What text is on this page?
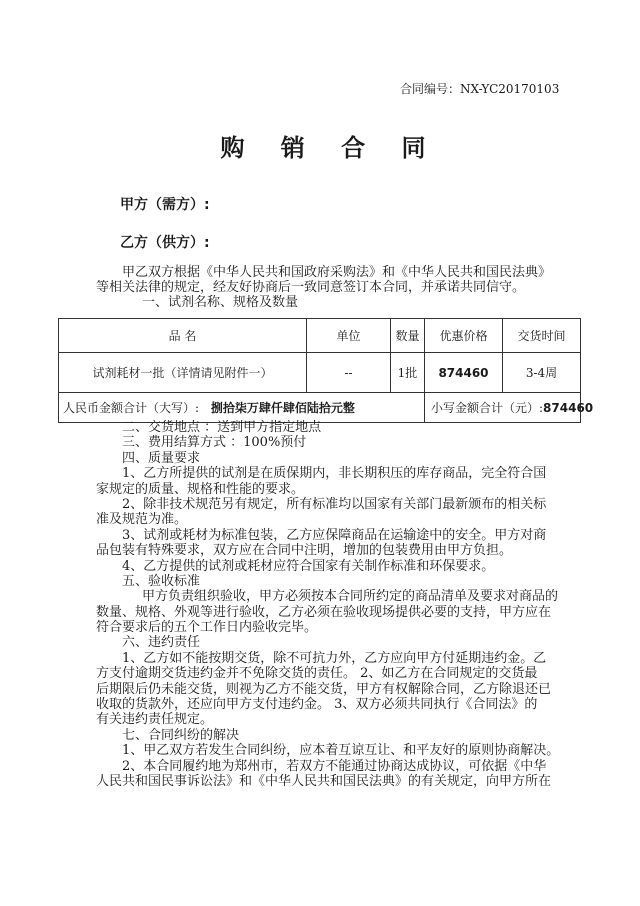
合同编号：NX-YC20170103
购 销 合 同
甲方（需方）:
乙方（供方）:
甲乙双方根据《中华人民共和国政府采购法》和《中华人民共和国民法典》
等相关法律的规定，经友好协商后一致同意签订本合同，并承诺共同信守。
一、试剂名称、规格及数量
品 名	单位	数量	优惠价格	交货时间
试剂耗材一批（详情请见附件一）	--	1批	874460	3-4周
人民币金额合计（大写）: 捌拾柒万肆仟肆佰陆拾元整			小写金额合计（元）:874460	
二、交货地点 ：送到甲方指定地点
三、费用结算方式 ：100%预付
四、质量要求
1、乙方所提供的试剂是在质保期内，非长期积压的库存商品，完全符合国
家规定的质量、规格和性能的要求。
2、除非技术规范另有规定，所有标准均以国家有关部门最新颁布的相关标
准及规范为准。
3、试剂或耗材为标准包装，乙方应保障商品在运输途中的安全。甲方对商
品包装有特殊要求，双方应在合同中注明，增加的包装费用由甲方负担。
4、乙方提供的试剂或耗材应符合国家有关制作标准和环保要求。
五、验收标准
甲方负责组织验收，甲方必须按本合同所约定的商品清单及要求对商品的
数量、规格、外观等进行验收，乙方必须在验收现场提供必要的支持，甲方应在
符合要求后的五个工作日内验收完毕。
六、违约责任
1、乙方如不能按期交货，除不可抗力外，乙方应向甲方付延期违约金。乙
方支付逾期交货违约金并不免除交货的责任。 2、如乙方在合同规定的交货最
后期限后仍未能交货，则视为乙方不能交货，甲方有权解除合同，乙方除退还已
收取的货款外，还应向甲方支付违约金。 3、双方必须共同执行《合同法》的
有关违约责任规定。
七、合同纠纷的解决
1、甲乙双方若发生合同纠纷，应本着互谅互让、和平友好的原则协商解决。
2、本合同履约地为郑州市，若双方不能通过协商达成协议，可依据《中华
人民共和国民事诉讼法》和《中华人民共和国民法典》的有关规定，向甲方所在
